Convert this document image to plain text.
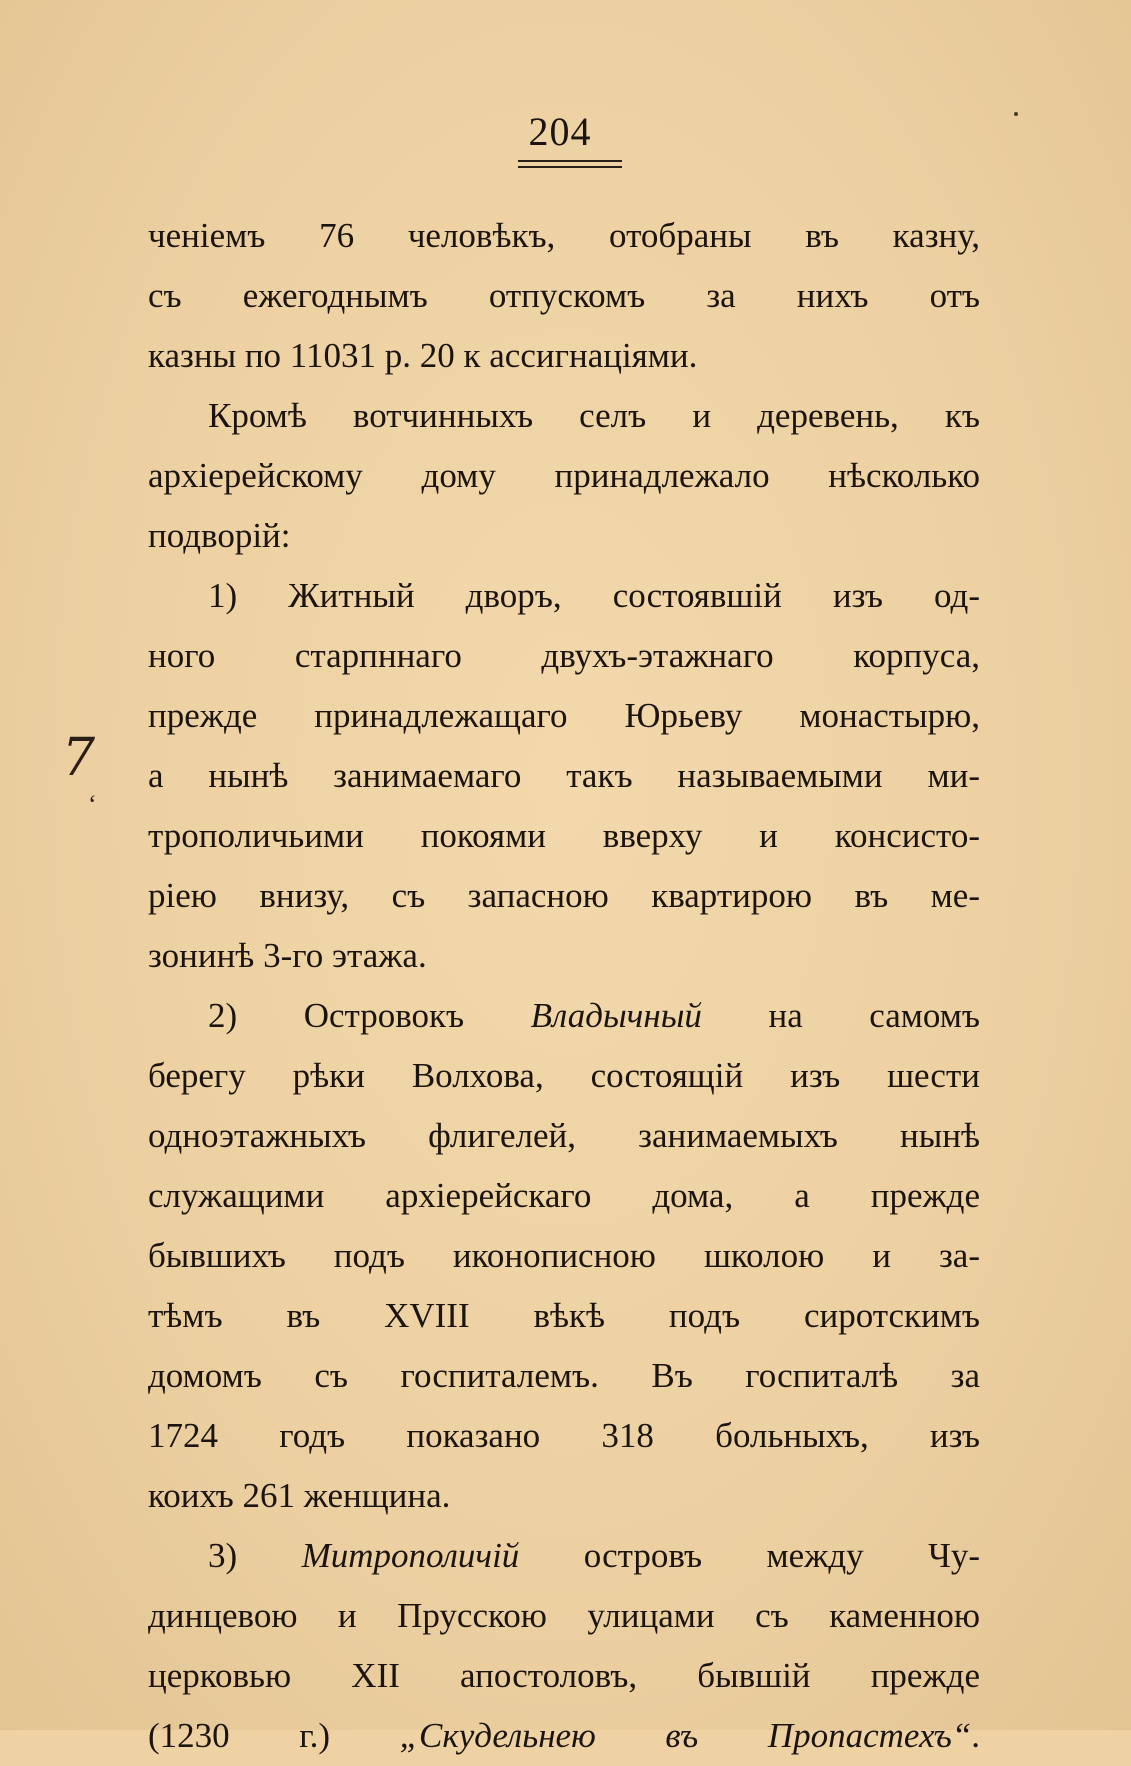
204
7
‘
ченіемъ 76 человѣкъ, отобраны въ казну,
съ ежегоднымъ отпускомъ за нихъ отъ
казны по 11031 р. 20 к ассигнаціями.
Кромѣ вотчинныхъ селъ и деревень, къ
архіерейскому дому принадлежало нѣсколько
подворій:
1) Житный дворъ, состоявшій изъ од-
ного старпннаго двухъ-этажнаго корпуса,
прежде принадлежащаго Юрьеву монастырю,
а нынѣ занимаемаго такъ называемыми ми-
трополичьими покоями вверху и консисто-
ріею внизу, съ запасною квартирою въ ме-
зонинѣ 3-го этажа.
2) Островокъ Владычный на самомъ
берегу рѣки Волхова, состоящій изъ шести
одноэтажныхъ флигелей, занимаемыхъ нынѣ
служащими архіерейскаго дома, а прежде
бывшихъ подъ иконописною школою и за-
тѣмъ въ XVIII вѣкѣ подъ сиротскимъ
домомъ съ госпиталемъ. Въ госпиталѣ за
1724 годъ показано 318 больныхъ, изъ
коихъ 261 женщина.
3) Митрополичій островъ между Чу-
динцевою и Прусскою улицами съ каменною
церковью XII апостоловъ, бывшій прежде
(1230 г.) „Скудельнею въ Пропастехъ“.
